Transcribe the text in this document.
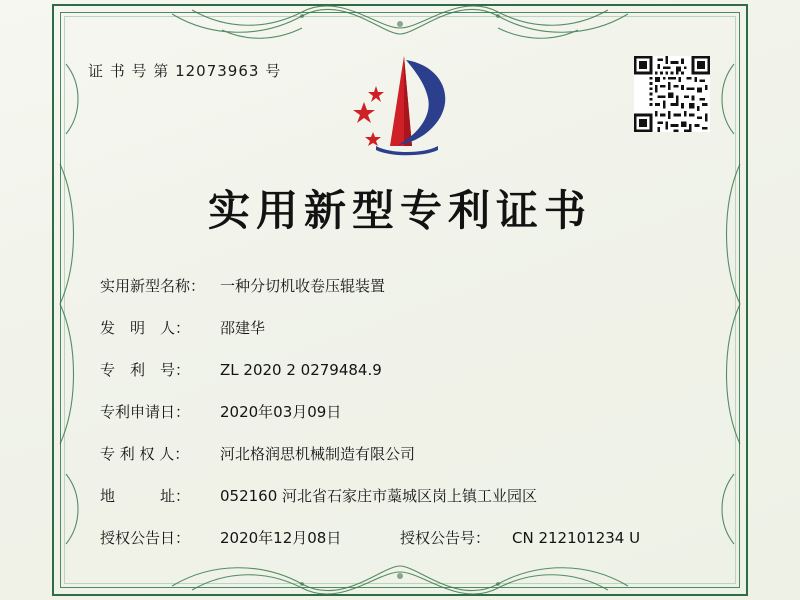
证 书 号 第 12073963 号
实用新型专利证书
实用新型名称： 一种分切机收卷压辊装置
发　明　人：	邵建华
专　利　号：	ZL 2020 2 0279484.9
专利申请日：	2020年03月09日
专 利 权 人：	河北格润思机械制造有限公司
地　　　址：	052160 河北省石家庄市藁城区岗上镇工业园区
授权公告日：	2020年12月08日	授权公告号：	CN 212101234 U
